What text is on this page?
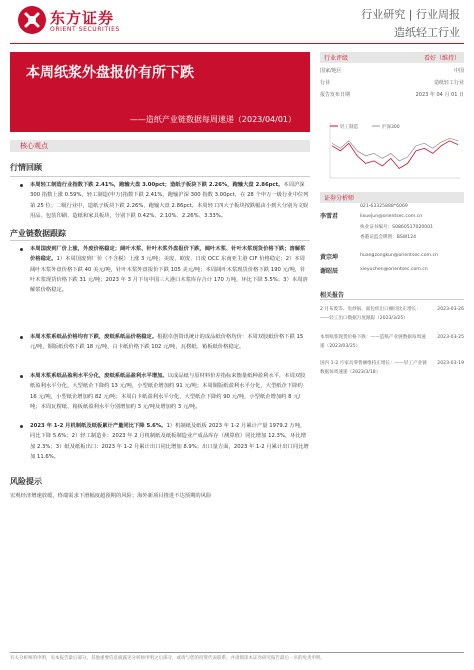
东方证券
ORIENT SECURITIES
行业研究 | 行业周报
造纸轻工行业
本周纸浆外盘报价有所下跌
——造纸产业链数据每周速递（2023/04/01）
核心观点
行情回顾
本周轻工制造行业指数下跌 2.41%，跑输大盘 3.00pct；造纸子板块下跌 2.26%，跑输大盘 2.86pct。本周沪深 300 指数上涨 0.59%，轻工制造(申万)指数下跌 2.41%，跑输沪深 300 指数 3.00pct，在 28 个申万一级行业中位列第 25 位；二级行业中，造纸子板块下跌 2.26%，跑输大盘 2.86pct。本周轻工四大子板块按跌幅由小到大分别为文娱用品、包装印刷、造纸和家具板块，分别下跌 0.42%、2.10%、2.26%、3.33%。
产业链数据跟踪
本周国废到厂价上涨，外废价格稳定；阔叶木浆、针叶木浆外盘报价下跌，阔叶木浆、针叶木浆现货价格下跌；溶解浆价格稳定。1）本周国废到厂价（不含税）上涨 3 元/吨；美废、欧废、日废 OCC 东南亚主港 CIF 价格稳定；2）本周阔叶木浆外盘价格下跌 40 美元/吨，针叶木浆外盘报价下跌 105 美元/吨；本周阔叶木浆现货价格下跌 190 元/吨，针叶木浆现货价格下跌 31 元/吨；2023 年 3 月下旬中国三大港口木浆库存合计 170 万吨，环比下降 5.5%；3）本周溶解浆价格稳定。
本周木浆系纸品价格均有下跌，废纸系纸品价格稳定。根据卓创资讯统计的成品纸价格均价：本周双胶纸价格下跌 15 元/吨，铜版纸价格下跌 18 元/吨，白卡纸价格下跌 102 元/吨，瓦楞纸、箱板纸价格稳定。
本周木浆系纸品盈利水平分化，废纸系纸品盈利水平增加。以成品纸与原材料价差指标来衡量纸种盈利水平，本周双胶纸盈利水平分化，大型纸企下降约 13 元/吨，小型纸企增加约 91 元/吨；本周铜版纸盈利水平分化，大型纸企下降约 16 元/吨，小型纸企增加约 82 元/吨；本周白卡纸盈利水平分化，大型纸企下降约 90 元/吨，小型纸企增加约 8 元/吨；本周瓦楞纸、箱板纸盈利水平分别增加约 3 元/吨及增加约 3 元/吨。
2023 年 1-2 月机制纸及纸板累计产量同比下降 5.6%。1）机制纸及纸板 2023 年 1-2 月累计产量 1979.2 万吨，同比下降 5.6%；2）轻工制造业：2023 年 2 月机制纸及纸板制造业产成品库存（测算值）同比增加 12.3%，环比增加 2.3%；3）纸及纸板出口：2023 年 1-2 月累计出口同比增加 8.9%；出口量方面，2023 年 1-2 月累计出口同比增加 11.6%。
风险提示
宏观经济增速放缓，终端需求下滑幅度超预期的风险；海外新项目推进不达预期的风险
行业评级	看好（维持）
国家/地区	中国
行业	造纸轻工行业
报告发布日期	2023 年 04 月 01 日
轻工制造	沪深300
证券分析师
李雪君
021-63325888*6069
lixuejun@orientsec.com.cn
执业证书编号：S0860517020001
香港证监会牌照：BSW124
黄宗坤	huangzongkun@orientsec.com.cn
谢昭辰	xieyuchen@orientsec.com.cn
相关报告
2 月布废等、电炒锅、面包机出口额同比正增长：——轻工出口数据月度跟踪（2023/3/25）
2023-03-26
本周纸浆现货价格下跌：——造纸产业链数据每周速递（2023/03/25）
2023-03-25
国内 1-2 月家具零售额维持正增长：——轻工产业链数据每周速递（2023/3/18）
2023-03-19
有关分析师的申明，见本报告最后部分。其他重要信息披露见分析师申明之后部分，或请与您的投资代表联系。并请阅读本证券研究报告最后一页的免责申明。
